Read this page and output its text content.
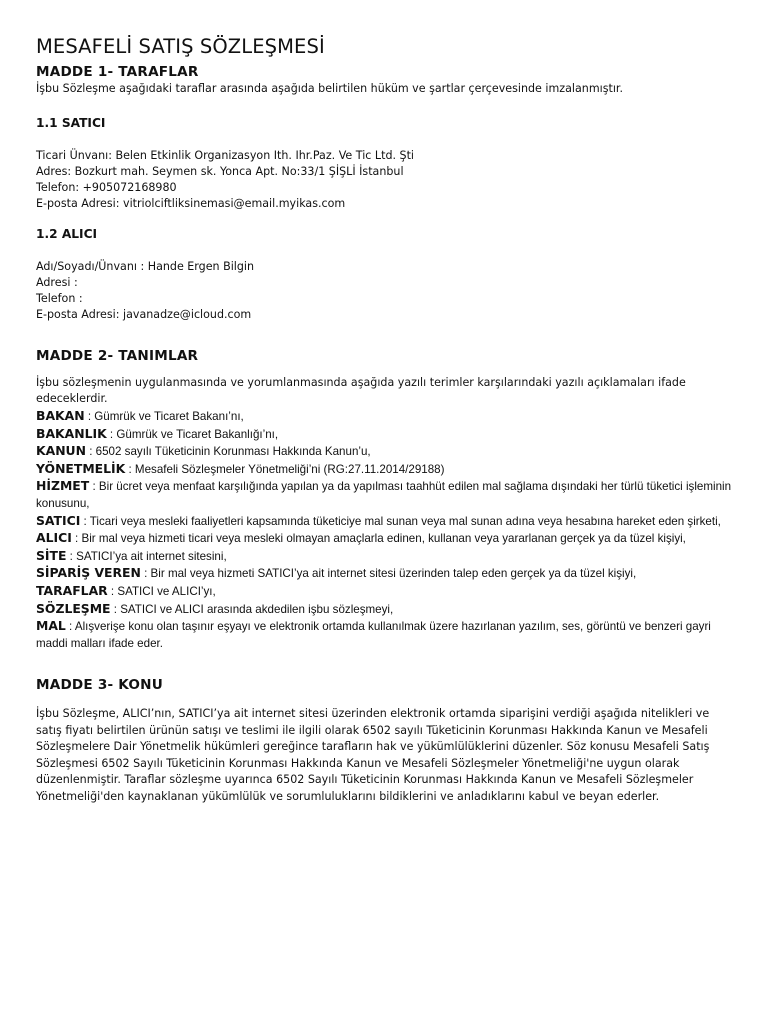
MESAFELİ SATIŞ SÖZLEŞMESİ
MADDE 1- TARAFLAR

İşbu Sözleşme aşağıdaki taraflar arasında aşağıda belirtilen hüküm ve şartlar çerçevesinde imzalanmıştır.

1.1 SATICI

Ticari Ünvanı: Belen Etkinlik Organizasyon Ith. Ihr.Paz. Ve Tic Ltd. Şti

Adres: Bozkurt mah. Seymen sk. Yonca Apt. No:33/1 ŞİŞLİ İstanbul

Telefon: +905072168980

E-posta Adresi: vitriolciftliksinemasi@email.myikas.com

1.2 ALICI

Adı/Soyadı/Ünvanı : Hande Ergen Bilgin

Adresi :

Telefon :

E-posta Adresi: javanadze@icloud.com

MADDE 2- TANIMLAR

İşbu sözleşmenin uygulanmasında ve yorumlanmasında aşağıda yazılı terimler karşılarındaki yazılı açıklamaları ifade edeceklerdir.

BAKAN : Gümrük ve Ticaret Bakanı’nı,

BAKANLIK : Gümrük ve Ticaret Bakanlığı’nı,

KANUN : 6502 sayılı Tüketicinin Korunması Hakkında Kanun’u,

YÖNETMELİK : Mesafeli Sözleşmeler Yönetmeliği’ni (RG:27.11.2014/29188)

HİZMET : Bir ücret veya menfaat karşılığında yapılan ya da yapılması taahhüt edilen mal sağlama dışındaki her türlü tüketici işleminin konusunu,

SATICI : Ticari veya mesleki faaliyetleri kapsamında tüketiciye mal sunan veya mal sunan adına veya hesabına hareket eden şirketi,

ALICI : Bir mal veya hizmeti ticari veya mesleki olmayan amaçlarla edinen, kullanan veya yararlanan gerçek ya da tüzel kişiyi,

SİTE : SATICI’ya ait internet sitesini,

SİPARİŞ VEREN : Bir mal veya hizmeti SATICI’ya ait internet sitesi üzerinden talep eden gerçek ya da tüzel kişiyi,

TARAFLAR : SATICI ve ALICI’yı,

SÖZLEŞME : SATICI ve ALICI arasında akdedilen işbu sözleşmeyi,

MAL : Alışverişe konu olan taşınır eşyayı ve elektronik ortamda kullanılmak üzere hazırlanan yazılım, ses, görüntü ve benzeri gayri maddi malları ifade eder.

MADDE 3- KONU

İşbu Sözleşme, ALICI’nın, SATICI’ya ait internet sitesi üzerinden elektronik ortamda siparişini verdiği aşağıda nitelikleri ve satış fiyatı belirtilen ürünün satışı ve teslimi ile ilgili olarak 6502 sayılı Tüketicinin Korunması Hakkında Kanun ve Mesafeli Sözleşmelere Dair Yönetmelik hükümleri gereğince tarafların hak ve yükümlülüklerini düzenler. Söz konusu Mesafeli Satış Sözleşmesi 6502 Sayılı Tüketicinin Korunması Hakkında Kanun ve Mesafeli Sözleşmeler Yönetmeliği'ne uygun olarak düzenlenmiştir. Taraflar sözleşme uyarınca 6502 Sayılı Tüketicinin Korunması Hakkında Kanun ve Mesafeli Sözleşmeler Yönetmeliği'den kaynaklanan yükümlülük ve sorumluluklarını bildiklerini ve anladıklarını kabul ve beyan ederler.
